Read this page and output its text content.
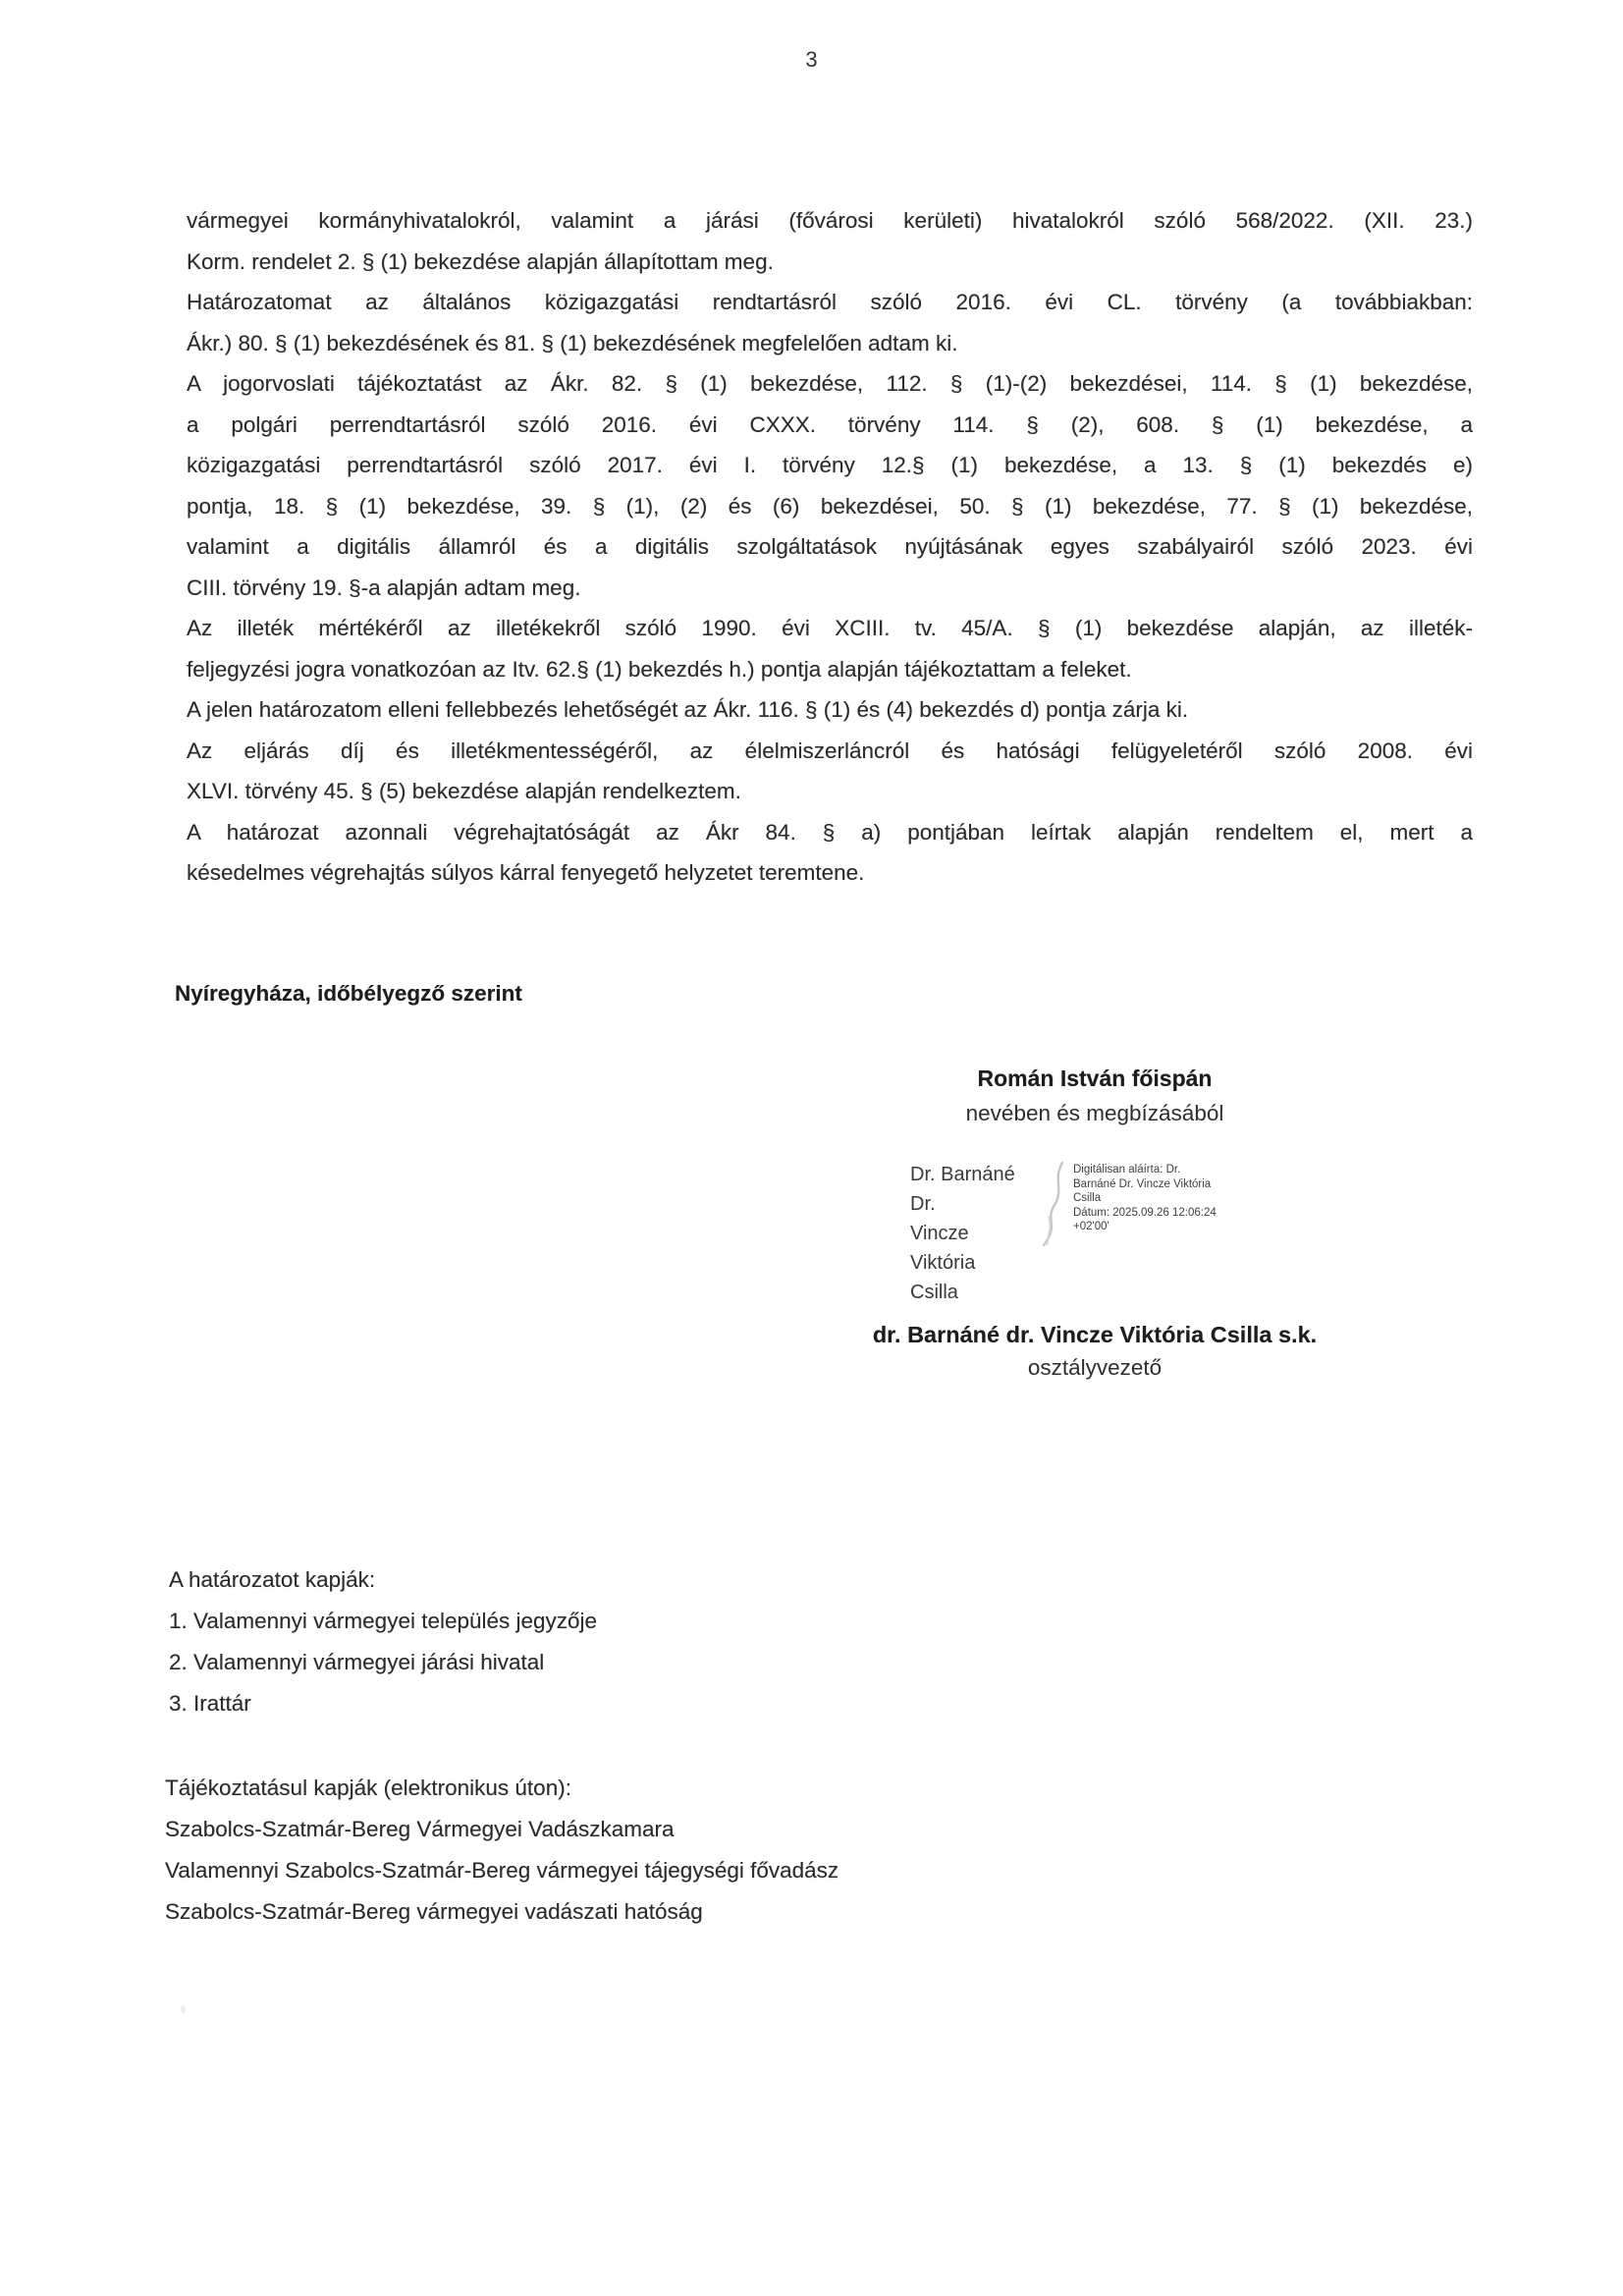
3
vármegyei kormányhivatalokról, valamint a járási (fővárosi kerületi) hivatalokról szóló 568/2022. (XII. 23.)
Korm. rendelet 2. § (1) bekezdése alapján állapítottam meg.
Határozatomat az általános közigazgatási rendtartásról szóló 2016. évi CL. törvény (a továbbiakban:
Ákr.) 80. § (1) bekezdésének és 81. § (1) bekezdésének megfelelően adtam ki.
A jogorvoslati tájékoztatást az Ákr. 82. § (1) bekezdése, 112. § (1)-(2) bekezdései, 114. § (1) bekezdése,
a polgári perrendtartásról szóló 2016. évi CXXX. törvény 114. § (2), 608. § (1) bekezdése, a
közigazgatási perrendtartásról szóló 2017. évi I. törvény 12.§ (1) bekezdése, a 13. § (1) bekezdés e)
pontja, 18. § (1) bekezdése, 39. § (1), (2) és (6) bekezdései, 50. § (1) bekezdése, 77. § (1) bekezdése,
valamint a digitális államról és a digitális szolgáltatások nyújtásának egyes szabályairól szóló 2023. évi
CIII. törvény 19. §-a alapján adtam meg.
Az illeték mértékéről az illetékekről szóló 1990. évi XCIII. tv. 45/A. § (1) bekezdése alapján, az illeték-
feljegyzési jogra vonatkozóan az Itv. 62.§ (1) bekezdés h.) pontja alapján tájékoztattam a feleket.
A jelen határozatom elleni fellebbezés lehetőségét az Ákr. 116. § (1) és (4) bekezdés d) pontja zárja ki.
Az eljárás díj és illetékmentességéről, az élelmiszerláncról és hatósági felügyeletéről szóló 2008. évi
XLVI. törvény 45. § (5) bekezdése alapján rendelkeztem.
A határozat azonnali végrehajtatóságát az Ákr 84. § a) pontjában leírtak alapján rendeltem el, mert a
késedelmes végrehajtás súlyos kárral fenyegető helyzetet teremtene.
Nyíregyháza, időbélyegző szerint
Román István főispán
nevében és megbízásából
Dr. Barnáné Dr.
Vincze Viktória
Csilla
Digitálisan aláírta: Dr.
Barnáné Dr. Vincze Viktória
Csilla
Dátum: 2025.09.26 12:06:24
+02'00'
dr. Barnáné dr. Vincze Viktória Csilla s.k.
osztályvezető
A határozatot kapják:
1. Valamennyi vármegyei település jegyzője
2. Valamennyi vármegyei járási hivatal
3. Irattár
Tájékoztatásul kapják (elektronikus úton):
Szabolcs-Szatmár-Bereg Vármegyei Vadászkamara
Valamennyi Szabolcs-Szatmár-Bereg vármegyei tájegységi fővadász
Szabolcs-Szatmár-Bereg vármegyei vadászati hatóság
